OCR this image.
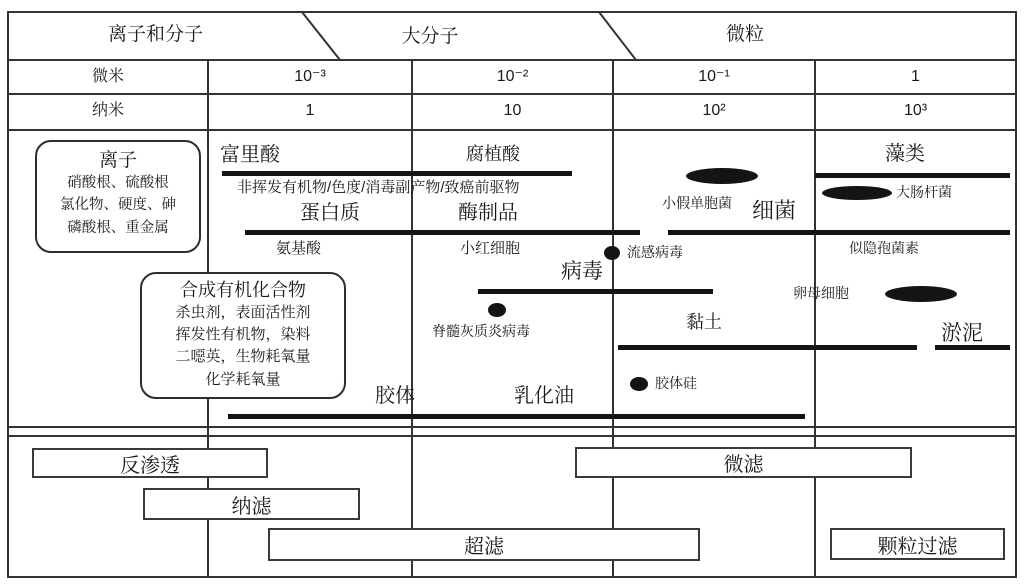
离子和分子	大分子	微粒
微米	10⁻³	10⁻²	10⁻¹	1
纳米	1	10	10²	10³
离子
硝酸根、硫酸根
氯化物、硬度、砷
磷酸根、重金属
合成有机化合物
杀虫剂，表面活性剂
挥发性有机物，染料
二噁英，生物耗氧量
化学耗氧量
富里酸	腐植酸	藻类
非挥发有机物/色度/消毒副产物/致癌前驱物
蛋白质	酶制品	细菌
小假单胞菌
大肠杆菌
氨基酸	小红细胞	流感病毒
病毒
似隐孢菌素
卵母细胞
脊髓灰质炎病毒	黏土	淤泥
胶体	乳化油
胶体硅
反渗透
纳滤
超滤
微滤
颗粒过滤
